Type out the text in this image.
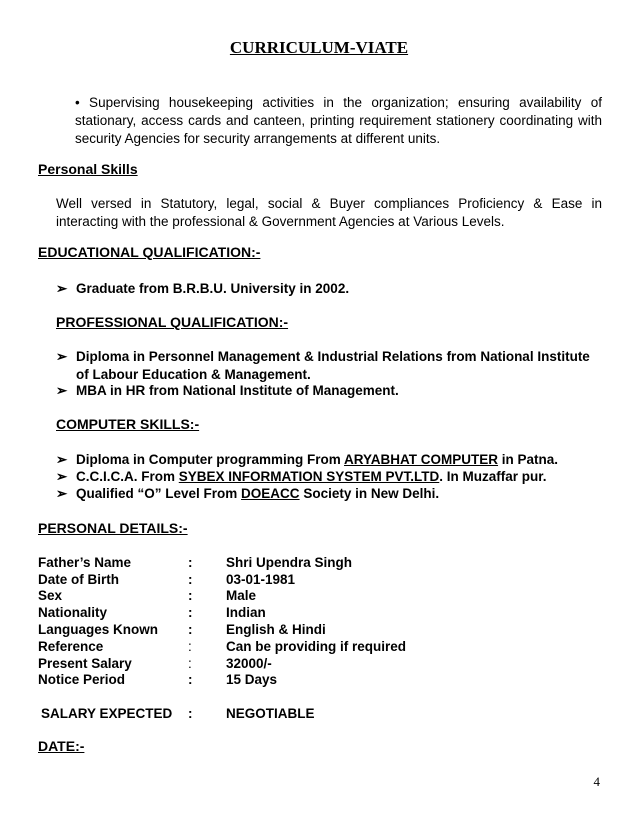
CURRICULUM-VIATE
• Supervising housekeeping activities in the organization; ensuring availability of stationary, access cards and canteen, printing requirement stationery coordinating with security Agencies for security arrangements at different units.
Personal Skills
Well versed in Statutory, legal, social & Buyer compliances Proficiency & Ease in interacting with the professional & Government Agencies at Various Levels.
EDUCATIONAL QUALIFICATION:-
➢ Graduate from B.R.B.U. University in 2002.
PROFESSIONAL QUALIFICATION:-
➢ Diploma in Personnel Management & Industrial Relations from National Institute of Labour Education & Management.
➢ MBA in HR from National Institute of Management.
COMPUTER SKILLS:-
➢ Diploma in Computer programming From ARYABHAT COMPUTER in Patna.
➢ C.C.I.C.A. From SYBEX INFORMATION SYSTEM PVT.LTD. In Muzaffar pur.
➢ Qualified “O” Level From DOEACC Society in New Delhi.
PERSONAL DETAILS:-
Father’s Name	: Shri Upendra Singh
Date of Birth	: 03-01-1981
Sex	: Male
Nationality	: Indian
Languages Known : English & Hindi
Reference	:	Can be providing if required
Present Salary	:	32000/-
Notice Period	: 15 Days
SALARY EXPECTED : NEGOTIABLE
DATE:-
4
